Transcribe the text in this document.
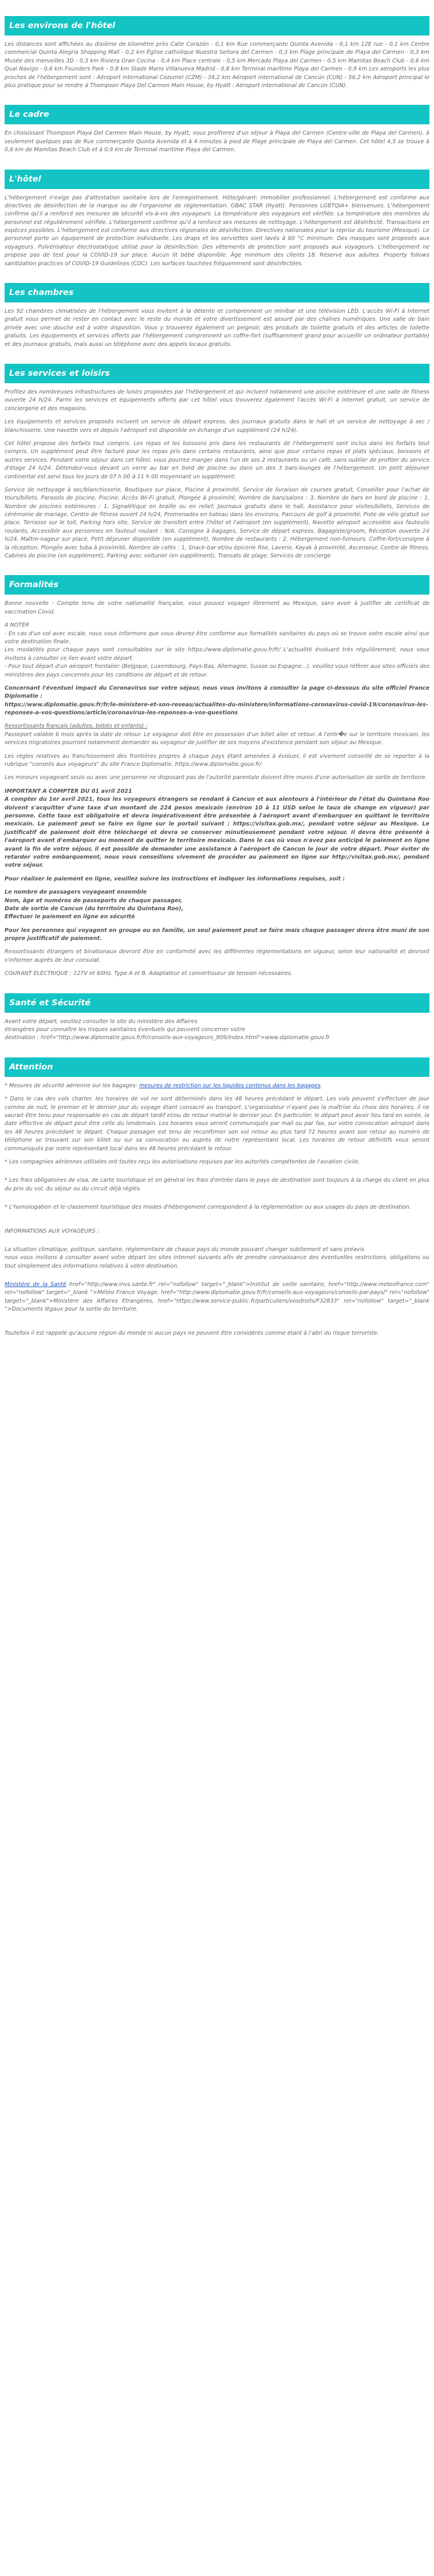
Les environs de l'hôtel

Les distances sont affichées au dixième de kilomètre près Calle Corazón - 0,1 km Rue commerçante Quinta Avenida - 0,1 km 12E rue - 0,1 km Centre commercial Quinta Alegría Shopping Mall - 0,2 km Église catholique Nuestra Señora del Carmen - 0,3 km Plage principale de Playa del Carmen - 0,3 km Musée des merveilles 3D - 0,3 km Riviera Gran Cocina - 0,4 km Place centrale - 0,5 km Mercado Playa del Carmen - 0,5 km Mamitas Beach Club - 0,6 km Quai Navigo - 0,6 km Founders Park - 0,8 km Stade Mario Villanueva Madrid - 0,8 km Terminal maritime Playa del Carmen - 0,9 km Les aéroports les plus proches de l'hébergement sont : Aéroport international Cozumel (CZM) - 34,2 km Aéroport international de Cancún (CUN) - 56,2 km Aéroport principal le plus pratique pour se rendre à Thompson Playa Del Carmen Main House, by Hyatt : Aéroport international de Cancún (CUN).

Le cadre

En choisissant Thompson Playa Del Carmen Main House, by Hyatt, vous profiterez d'un séjour à Playa del Carmen (Centre-ville de Playa del Carmen), à seulement quelques pas de Rue commerçante Quinta Avenida et à 4 minutes à pied de Plage principale de Playa del Carmen. Cet hôtel 4,5 se trouve à 0,6 km de Mamitas Beach Club et à 0,9 km de Terminal maritime Playa del Carmen.

L'hôtel

L'hébergement n'exige pas d'attestation sanitaire lors de l'enregistrement. Hôte/gérant: immobilier professionnel. L'hébergement est conforme aux directives de désinfection de la marque ou de l'organisme de réglementation: GBAC STAR (Hyatt). Personnes LGBTQIA+ bienvenues. L'hébergement confirme qu'il a renforcé ses mesures de sécurité vis-à-vis des voyageurs. La température des voyageurs est vérifiée. La température des membres du personnel est régulièrement vérifiée. L'hébergement confirme qu'il a renforcé ses mesures de nettoyage. L'hébergement est désinfecté. Transactions en espèces possibles. L'hébergement est conforme aux directives régionales de désinfection. Directives nationales pour la reprise du tourisme (Mexique). Le personnel porte un équipement de protection individuelle. Les draps et les serviettes sont lavés à 60 °C minimum. Des masques sont proposés aux voyageurs. Pulvérisateur électrostatique utilisé pour la désinfection. Des vêtements de protection sont proposés aux voyageurs. L'hébergement ne propose pas de test pour la COVID-19 sur place. Aucun lit bébé disponible. Âge minimum des clients 18. Réservé aux adultes. Property follows sanitization practices of COVID-19 Guidelines (CDC). Les surfaces touchées fréquemment sont désinfectées.

Les chambres

Les 92 chambres climatisées de l'hébergement vous invitent à la détente et comprennent un minibar et une télévision LED. L'accès Wi-Fi à Internet gratuit vous permet de rester en contact avec le reste du monde et votre divertissement est assuré par des chaînes numériques. Une salle de bain privée avec une douche est à votre disposition. Vous y trouverez également un peignoir, des produits de toilette gratuits et des articles de toilette gratuits. Les équipements et services offerts par l'hébergement comprennent un coffre-fort (suffisamment grand pour accueillir un ordinateur portable) et des journaux gratuits, mais aussi un téléphone avec des appels locaux gratuits.

Les services et loisirs

Profitez des nombreuses infrastructures de loisirs proposées par l'hébergement et qui incluent notamment une piscine extérieure et une salle de fitness ouverte 24 h/24. Parmi les services et équipements offerts par cet hôtel vous trouverez également l'accès Wi-Fi à Internet gratuit, un service de conciergerie et des magasins.

Les équipements et services proposés incluent un service de départ express, des journaux gratuits dans le hall et un service de nettoyage à sec / blanchisserie. Une navette vers et depuis l'aéroport est disponible en échange d'un supplément (24 h/24).

Cet hôtel propose des forfaits tout compris. Les repas et les boissons pris dans les restaurants de l'hébergement sont inclus dans les forfaits tout compris. Un supplément peut être facturé pour les repas pris dans certains restaurants, ainsi que pour certains repas et plats spéciaux, boissons et autres services. Pendant votre séjour dans cet hôtel, vous pourrez manger dans l'un de ses 2 restaurants ou un café, sans oublier de profiter du service d'étage 24 h/24. Détendez-vous devant un verre au bar en bord de piscine ou dans un des 3 bars-lounges de l'hébergement. Un petit déjeuner continental est servi tous les jours de 07 h 00 à 11 h 00 moyennant un supplément.

Service de nettoyage à sec/blanchisserie, Boutiques sur place, Piscine à proximité, Service de livraison de courses gratuit, Conseiller pour l'achat de tours/billets, Parasols de piscine, Piscine, Accès Wi-Fi gratuit, Plongée à proximité, Nombre de bars/salons : 3, Nombre de bars en bord de piscine : 1, Nombre de piscines extérieures : 1, Signalétique en braille ou en relief, Journaux gratuits dans le hall, Assistance pour visites/billets, Services de cérémonie de mariage, Centre de fitness ouvert 24 h/24, Promenades en bateau dans les environs, Parcours de golf à proximité, Piste de vélo gratuit sur place, Terrasse sur le toit, Parking hors site, Service de transfert entre l'hôtel et l'aéroport (en supplément), Navette aéroport accessible aux fauteuils roulants, Accessible aux personnes en fauteuil roulant : N/A, Consigne à bagages, Service de départ express, Bagagiste/groom, Réception ouverte 24 h/24, Maître-nageur sur place, Petit déjeuner disponible (en supplément), Nombre de restaurants : 2, Hébergement non-fumeurs, Coffre-fort/consigne à la réception, Plongée avec tuba à proximité, Nombre de cafés : 1, Snack-bar et/ou épicerie fine, Laverie, Kayak à proximité, Ascenseur, Centre de fitness, Cabines de piscine (en supplément), Parking avec voiturier (en supplément), Transats de plage, Services de concierge

Formalités

Bonne nouvelle : Compte tenu de votre nationalité française, vous pouvez voyager librement au Mexique, sans avoir à justifier de certificat de vaccination Covid.

A NOTER

- En cas d'un vol avec escale, nous vous informons que vous devrez être conforme aux formalités sanitaires du pays où se trouve votre escale ainsi que votre destination finale.
Les modalités pour chaque pays sont consultables sur le site https://www.diplomatie.gouv.fr/fr/ L'actualité évoluant très régulièrement, nous vous invitons à consulter ce lien avant votre départ.
- Pour tout départ d'un aéroport frontalier (Belgique, Luxembourg, Pays-Bas, Allemagne, Suisse ou Espagne...), veuillez vous référer aux sites officiels des ministères des pays concernés pour les conditions de départ et de retour.

Concernant l'éventuel impact du Coronavirus sur votre séjour, nous vous invitons à consulter la page ci-dessous du site officiel France Diplomatie :

https://www.diplomatie.gouv.fr/fr/le-ministere-et-son-reseau/actualites-du-ministere/informations-coronavirus-covid-19/coronavirus-les-reponses-a-vos-questions/article/coronavirus-les-reponses-a-vos-questions

Ressortissants français (adultes, bébés et enfants) :

Passeport valable 6 mois après la date de retour. Le voyageur doit être en possession d'un billet aller et retour. A l'entr�e sur le territoire mexicain, les services migratoires pourront notamment demander au voyageur de justifier de ses moyens d'existence pendant son séjour au Mexique.

Les règles relatives au franchissement des frontières propres à chaque pays étant amenées à évoluer, il est vivement conseillé de se reporter à la rubrique "conseils aux voyageurs" du site France Diplomatie, https://www.diplomatie.gouv.fr/

Les mineurs voyageant seuls ou avec une personne ne disposant pas de l'autorité parentale doivent être munis d'une autorisation de sortie de territoire.

IMPORTANT A COMPTER DU 01 avril 2021

A compter du 1er avril 2021, tous les voyageurs étrangers se rendant à Cancun et aux alentours à l'intérieur de l'état du Quintana Roo doivent s'acquitter d'une taxe d'un montant de 224 pesos mexicain (environ 10 à 11 USD selon le taux de change en vigueur) par personne. Cette taxe est obligatoire et devra impérativement être présentée à l'aéroport avant d'embarquer en quittant le territoire mexicain. Le paiement peut se faire en ligne sur le portail suivant : https://visitax.gob.mx/, pendant votre séjour au Mexique. Le justificatif de paiement doit être téléchargé et devra se conserver minutieusement pendant votre séjour. Il devra être présenté à l'aéroport avant d'embarquer au moment de quitter le territoire mexicain. Dans le cas où vous n'avez pas anticipé le paiement en ligne avant la fin de votre séjour, il est possible de demander une assistance à l'aéroport de Cancun le jour de votre départ. Pour éviter de retarder votre embarquement, nous vous conseillons vivement de procéder au paiement en ligne sur http://visitax.gob.mx/, pendant votre séjour.

Pour réaliser le paiement en ligne, veuillez suivre les instructions et indiquer les informations requises, soit :

Le nombre de passagers voyageant ensemble

Nom, âge et numéros de passeports de chaque passager,

Date de sortie de Cancun (du territoire du Quintana Roo),

Effectuer le paiement en ligne en sécurité

Pour les personnes qui voyagent en groupe ou en famille, un seul paiement peut se faire mais chaque passager devra être muni de son propre justificatif de paiement.

Ressortissants étrangers et binationaux devront être en conformité avec les différentes réglementations en vigueur, selon leur nationalité et devront s'informer auprès de leur consulat.

COURANT ELECTRIQUE : 127V et 60Hz. Type A et B. Adaptateur et convertisseur de tension nécessaires.

Santé et Sécurité

Avant votre départ, veuillez consulter le site du ministère des Affaires

étrangères pour connaître les risques sanitaires éventuels qui peuvent concerner votre

destination : href="http://www.diplomatie.gouv.fr/fr/conseils-aux-voyageurs_909/index.html">www.diplomatie.gouv.fr

Attention

* Mesures de sécurité aérienne sur les bagages: mesures de restriction sur les liquides contenus dans les bagages.

* Dans le cas des vols charter, les horaires de vol ne sont déterminés dans les 48 heures précédant le départ. Les vols peuvent s'effectuer de jour comme de nuit, le premier et le dernier jour du voyage étant consacré au transport. L'organisateur n'ayant pas la maîtrise du choix des horaires, il ne saurait être tenu pour responsable en cas de départ tardif et/ou de retour matinal le dernier jour. En particulier, le départ peut avoir lieu tard en soirée, la date effective de départ peut être celle du lendemain. Les horaires vous seront communiqués par mail ou par fax, sur votre convocation aéroport dans les 48 heures précédant le départ. Chaque passager est tenu de reconfirmer son vol retour au plus tard 72 heures avant son retour au numéro de téléphone se trouvant sur son billet ou sur sa convocation ou auprès de notre représentant local. Les horaires de retour définitifs vous seront communiqués par notre représentant local dans les 48 heures précédant le retour.

* Les compagnies aériennes utilisées ont toutes reçu les autorisations requises par les autorités compétentes de l'aviation civile.

* Les frais obligatoires de visa, de carte touristique et en général les frais d'entrée dans le pays de destination sont toujours à la charge du client en plus du prix du vol, du séjour ou du circuit déjà réglés.

* L'homologation et le classement touristique des modes d'hébergement correspondent à la réglementation ou aux usages du pays de destination.

INFORMATIONS AUX VOYAGEURS :

La situation climatique, politique, sanitaire, réglementaire de chaque pays du monde pouvant changer subitement et sans préavis
nous vous invitons à consulter avant votre départ les sites Internet suivants afin de prendre connaissance des éventuelles restrictions, obligations ou tout simplement des informations relatives à votre destination.

Ministère de la Santé href="http://www.invs.sante.fr" rel="nofollow" target="_blank">Institut de veille sanitaire, href="http://www.meteofrance.com" rel="nofollow" target="_blank ">Météo France Voyage, href="http://www.diplomatie.gouv.fr/fr/conseils-aux-voyageurs/conseils-par-pays/" rel="nofollow" target="_blank">Ministère des Affaires Etrangères, href="https://www.service-public.fr/particuliers/vosdroits/F32833" rel="nofollow" target="_blank ">Documents légaux pour la sortie du territoire.

Toutefois il est rappelé qu'aucune région du monde ni aucun pays ne peuvent être considérés comme étant à l'abri du risque terroriste.
